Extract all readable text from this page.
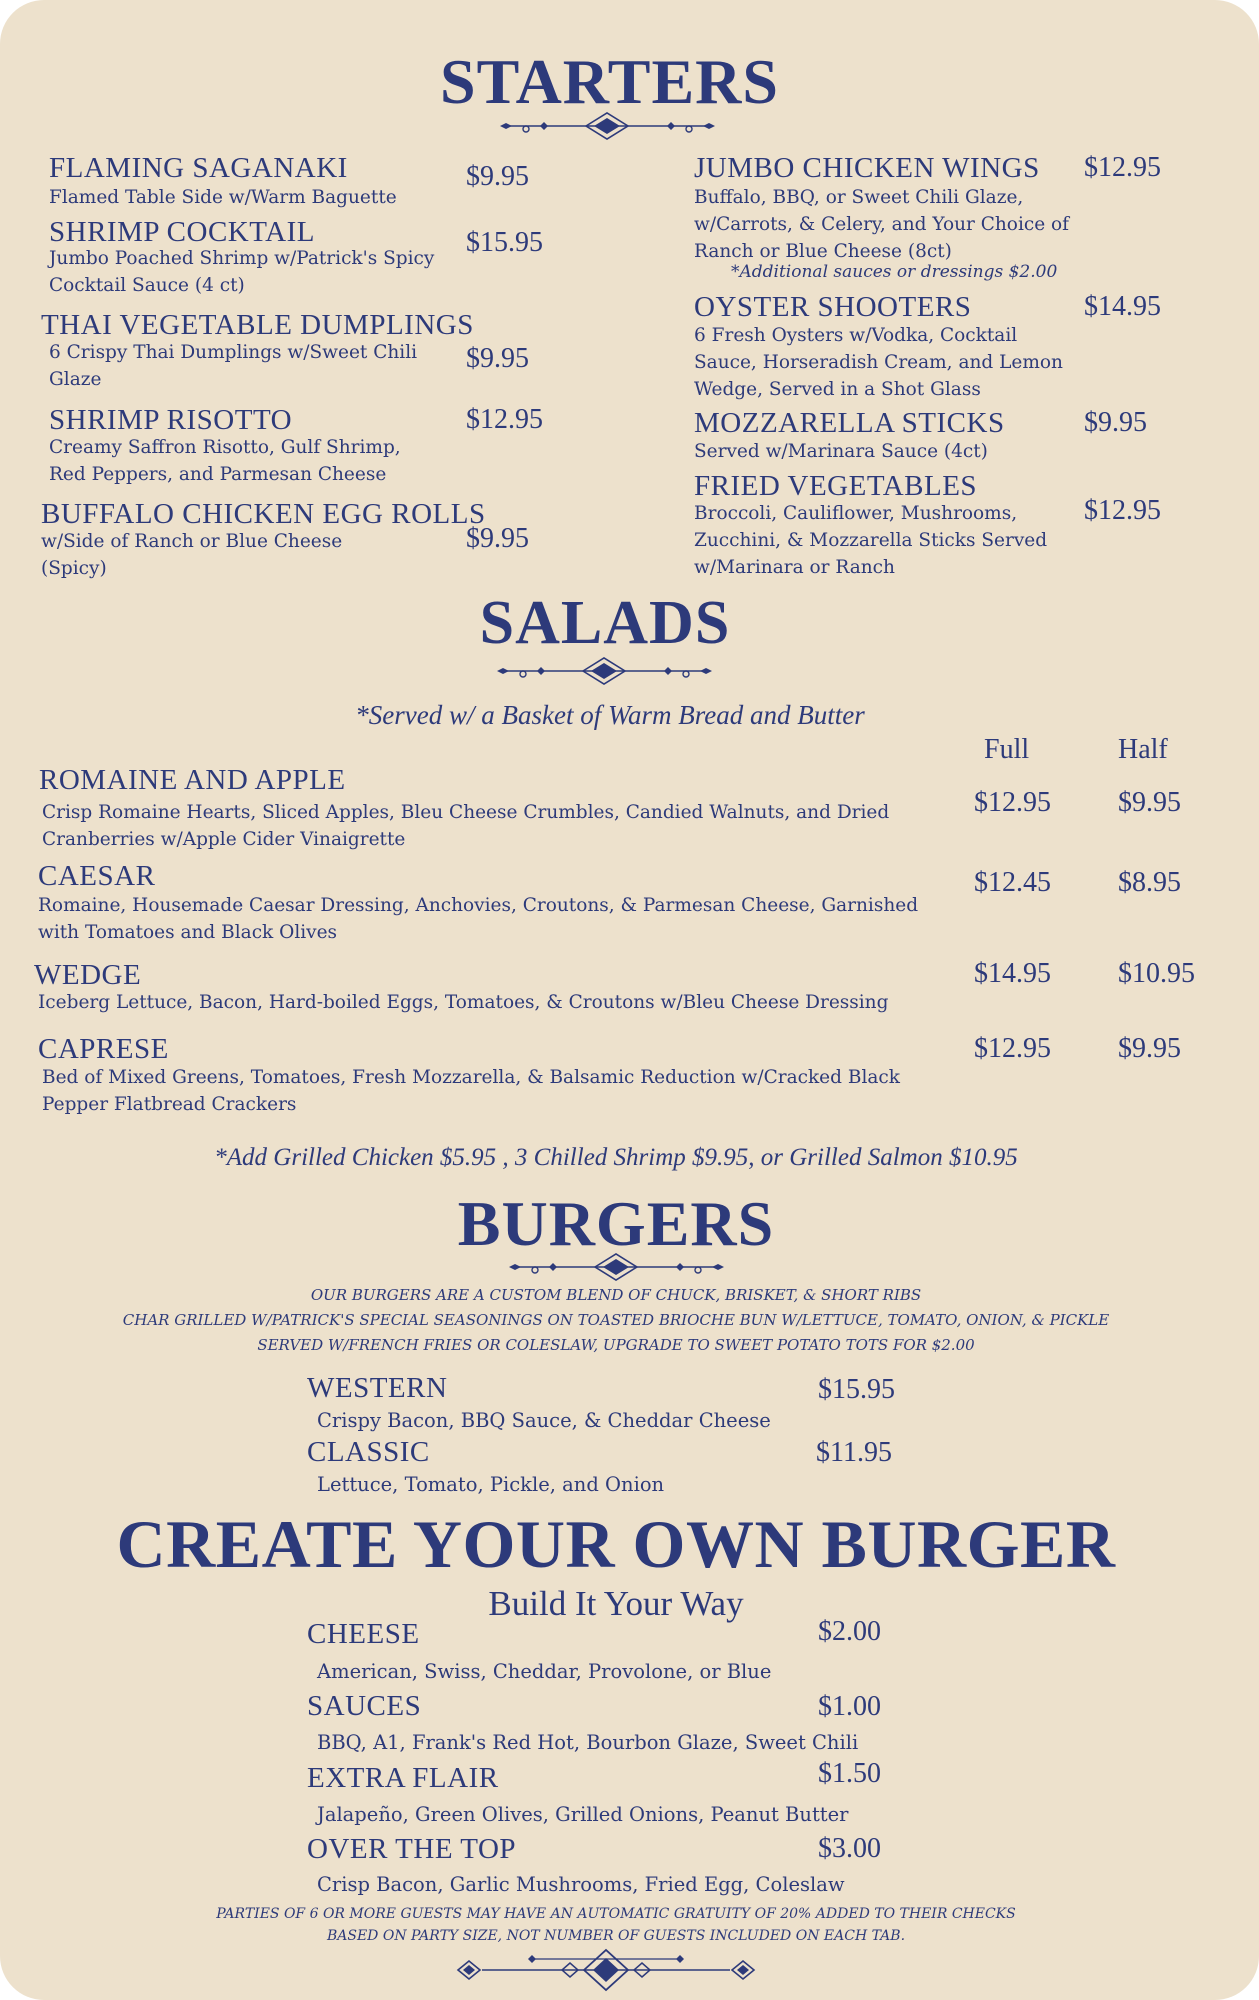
STARTERS
FLAMING SAGANAKI
Flamed Table Side w/Warm Baguette
$9.95
SHRIMP COCKTAIL
Jumbo Poached Shrimp w/Patrick's Spicy Cocktail Sauce (4 ct)
$15.95
THAI VEGETABLE DUMPLINGS
6 Crispy Thai Dumplings w/Sweet Chili Glaze
$9.95
SHRIMP RISOTTO
Creamy Saffron Risotto, Gulf Shrimp, Red Peppers, and Parmesan Cheese
$12.95
BUFFALO CHICKEN EGG ROLLS
w/Side of Ranch or Blue Cheese (Spicy)
$9.95
JUMBO CHICKEN WINGS
Buffalo, BBQ, or Sweet Chili Glaze, w/Carrots, & Celery, and Your Choice of Ranch or Blue Cheese (8ct)
*Additional sauces or dressings $2.00
$12.95
OYSTER SHOOTERS
6 Fresh Oysters w/Vodka, Cocktail Sauce, Horseradish Cream, and Lemon Wedge, Served in a Shot Glass
$14.95
MOZZARELLA STICKS
Served w/Marinara Sauce (4ct)
$9.95
FRIED VEGETABLES
Broccoli, Cauliflower, Mushrooms, Zucchini, & Mozzarella Sticks Served w/Marinara or Ranch
$12.95
SALADS
*Served w/ a Basket of Warm Bread and Butter
Full	Half
ROMAINE AND APPLE
Crisp Romaine Hearts, Sliced Apples, Bleu Cheese Crumbles, Candied Walnuts, and Dried Cranberries w/Apple Cider Vinaigrette
$12.95 $9.95
CAESAR
Romaine, Housemade Caesar Dressing, Anchovies, Croutons, & Parmesan Cheese, Garnished with Tomatoes and Black Olives
$12.45 $8.95
WEDGE
Iceberg Lettuce, Bacon, Hard-boiled Eggs, Tomatoes, & Croutons w/Bleu Cheese Dressing
$14.95 $10.95
CAPRESE
Bed of Mixed Greens, Tomatoes, Fresh Mozzarella, & Balsamic Reduction w/Cracked Black Pepper Flatbread Crackers
$12.95 $9.95
*Add Grilled Chicken $5.95 , 3 Chilled Shrimp $9.95, or Grilled Salmon $10.95
BURGERS
OUR BURGERS ARE A CUSTOM BLEND OF CHUCK, BRISKET, & SHORT RIBS
CHAR GRILLED W/PATRICK'S SPECIAL SEASONINGS ON TOASTED BRIOCHE BUN W/LETTUCE, TOMATO, ONION, & PICKLE
SERVED W/FRENCH FRIES OR COLESLAW, UPGRADE TO SWEET POTATO TOTS FOR $2.00
WESTERN
Crispy Bacon, BBQ Sauce, & Cheddar Cheese
$15.95
CLASSIC
Lettuce, Tomato, Pickle, and Onion
$11.95
CREATE YOUR OWN BURGER
Build It Your Way
CHEESE
American, Swiss, Cheddar, Provolone, or Blue
$2.00
SAUCES
BBQ, A1, Frank's Red Hot, Bourbon Glaze, Sweet Chili
$1.00
EXTRA FLAIR
Jalapeño, Green Olives, Grilled Onions, Peanut Butter
$1.50
OVER THE TOP
Crisp Bacon, Garlic Mushrooms, Fried Egg, Coleslaw
$3.00
PARTIES OF 6 OR MORE GUESTS MAY HAVE AN AUTOMATIC GRATUITY OF 20% ADDED TO THEIR CHECKS
BASED ON PARTY SIZE, NOT NUMBER OF GUESTS INCLUDED ON EACH TAB.
